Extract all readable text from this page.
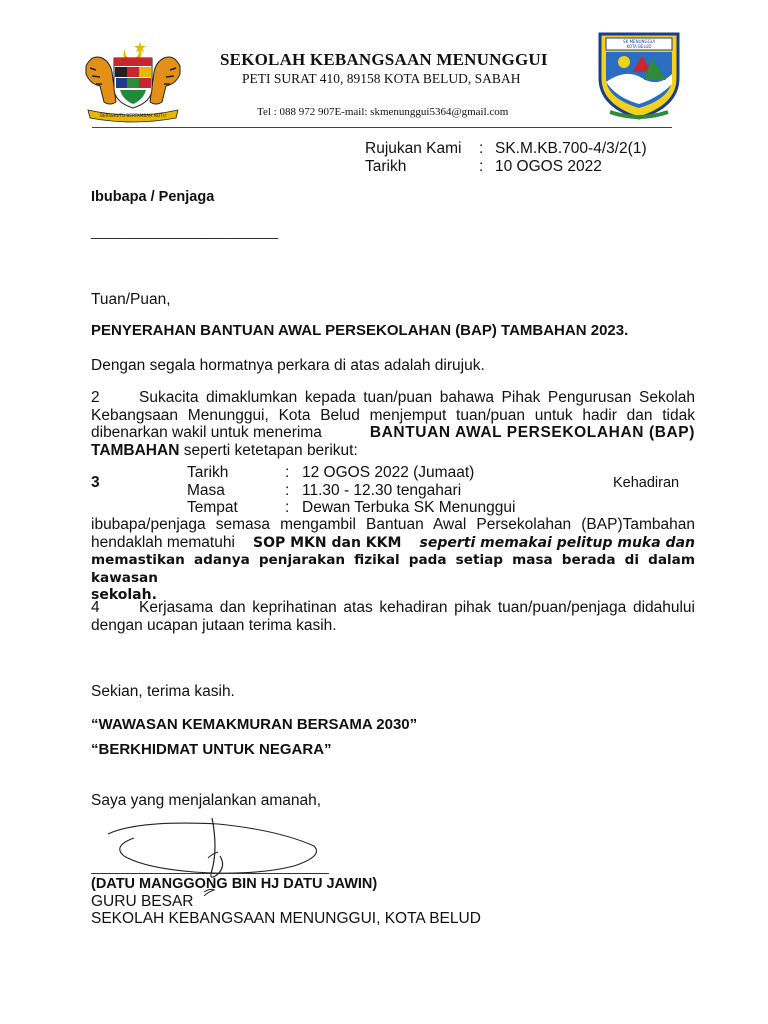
BERSEKUTU BERTAMBAH MUTU
SEKOLAH KEBANGSAAN MENUNGGUI
PETI SURAT 410, 89158 KOTA BELUD, SABAH
Tel : 088 972 907E-mail: skmenunggui5364@gmail.com
SK MENUNGGUI
KOTA BELUD
Rujukan Kami : SK.M.KB.700-4/3/2(1)
Tarikh	: 10 OGOS 2022
Ibubapa / Penjaga
________________________
Tuan/Puan,
PENYERAHAN BANTUAN AWAL PERSEKOLAHAN (BAP) TAMBAHAN 2023.
Dengan segala hormatnya perkara di atas adalah dirujuk.
2	Sukacita dimaklumkan kepada tuan/puan bahawa Pihak Pengurusan Sekolah
Kebangsaan Menunggui, Kota Belud menjemput tuan/puan untuk hadir dan tidak
dibenarkan wakil untuk menerima	BANTUAN AWAL PERSEKOLAHAN (BAP)
TAMBAHAN seperti ketetapan berikut:
3
Tarikh	: 12 OGOS 2022 (Jumaat)
Masa	: 11.30 - 12.30 tengahari
Tempat	: Dewan Terbuka SK Menunggui
Kehadiran
ibubapa/penjaga semasa mengambil Bantuan Awal Persekolahan (BAP)Tambahan
hendaklah mematuhi SOP MKN dan KKM seperti memakai pelitup muka dan
memastikan adanya penjarakan fizikal pada setiap masa berada di dalam kawasan
sekolah.
4	Kerjasama dan keprihatinan atas kehadiran pihak tuan/puan/penjaga didahului
dengan ucapan jutaan terima kasih.
Sekian, terima kasih.
“WAWASAN KEMAKMURAN BERSAMA 2030”
“BERKHIDMAT UNTUK NEGARA”
Saya yang menjalankan amanah,
(DATU MANGGONG BIN HJ DATU JAWIN)
GURU BESAR
SEKOLAH KEBANGSAAN MENUNGGUI, KOTA BELUD
